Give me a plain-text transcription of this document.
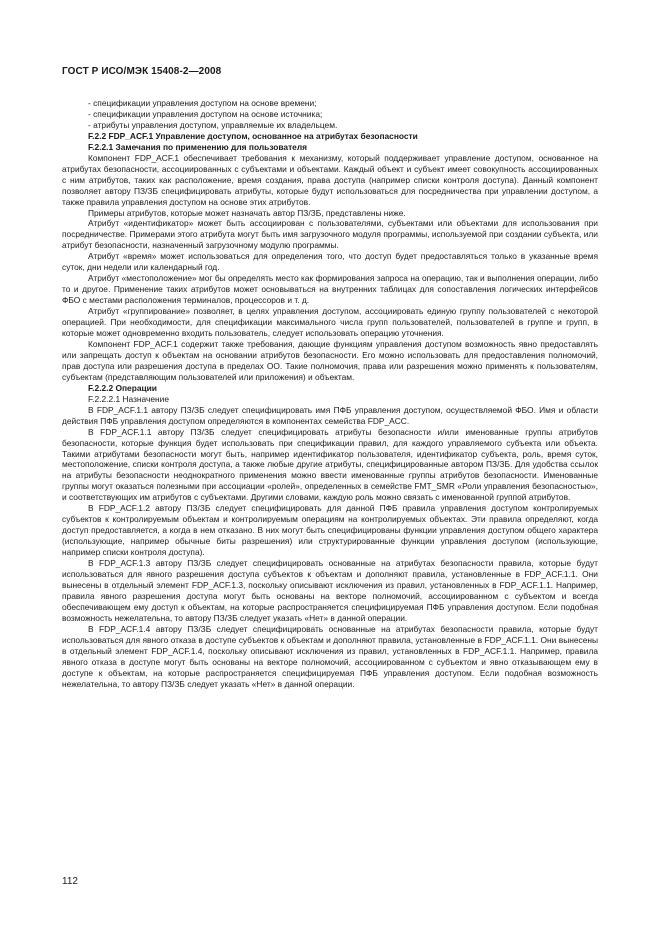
ГОСТ Р ИСО/МЭК 15408-2—2008

- спецификации управления доступом на основе времени;

- спецификации управления доступом на основе источника;

- атрибуты управления доступом, управляемые их владельцем.

F.2.2 FDP_ACF.1 Управление доступом, основанное на атрибутах безопасности

F.2.2.1 Замечания по применению для пользователя

Компонент FDP_ACF.1 обеспечивает требования к механизму, который поддерживает управление доступом, основанное на атрибутах безопасности, ассоциированных с субъектами и объектами. Каждый объект и субъект имеет совокупность ассоциированных с ним атрибутов, таких как расположение, время создания, права доступа (например списки контроля доступа). Данный компонент позволяет автору ПЗ/ЗБ специфицировать атрибуты, которые будут использоваться для посредничества при управлении доступом, а также правила управления доступом на основе этих атрибутов.

Примеры атрибутов, которые может назначать автор ПЗ/ЗБ, представлены ниже.

Атрибут «идентификатор» может быть ассоциирован с пользователями, субъектами или объектами для использования при посредничестве. Примерами этого атрибута могут быть имя загрузочного модуля программы, используемой при создании субъекта, или атрибут безопасности, назначенный загрузочному модулю программы.

Атрибут «время» может использоваться для определения того, что доступ будет предоставляться только в указанные время суток, дни недели или календарный год.

Атрибут «местоположение» мог бы определять место как формирования запроса на операцию, так и выполнения операции, либо то и другое. Применение таких атрибутов может основываться на внутренних таблицах для сопоставления логических интерфейсов ФБО с местами расположения терминалов, процессоров и т. д.

Атрибут «группирование» позволяет, в целях управления доступом, ассоциировать единую группу пользователей с некоторой операцией. При необходимости, для спецификации максимального числа групп пользователей, пользователей в группе и групп, в которые может одновременно входить пользователь, следует использовать операцию уточнения.

Компонент FDP_ACF.1 содержит также требования, дающие функциям управления доступом возможность явно предоставлять или запрещать доступ к объектам на основании атрибутов безопасности. Его можно использовать для предоставления полномочий, прав доступа или разрешения доступа в пределах ОО. Такие полномочия, права или разрешения можно применять к пользователям, субъектам (представляющим пользователей или приложения) и объектам.

F.2.2.2 Операции

F.2.2.2.1 Назначение

В FDP_ACF.1.1 автору ПЗ/ЗБ следует специфицировать имя ПФБ управления доступом, осуществляемой ФБО. Имя и области действия ПФБ управления доступом определяются в компонентах семейства FDP_ACC.

В FDP_ACF.1.1 автору ПЗ/ЗБ следует специфицировать атрибуты безопасности и/или именованные группы атрибутов безопасности, которые функция будет использовать при спецификации правил, для каждого управляемого субъекта или объекта. Такими атрибутами безопасности могут быть, например идентификатор пользователя, идентификатор субъекта, роль, время суток, местоположение, списки контроля доступа, а также любые другие атрибуты, специфицированные автором ПЗ/ЗБ. Для удобства ссылок на атрибуты безопасности неоднократного применения можно ввести именованные группы атрибутов безопасности. Именованные группы могут оказаться полезными при ассоциации «ролей», определенных в семействе FMT_SMR «Роли управления безопасностью», и соответствующих им атрибутов с субъектами. Другими словами, каждую роль можно связать с именованной группой атрибутов.

В FDP_ACF.1.2 автору ПЗ/ЗБ следует специфицировать для данной ПФБ правила управления доступом контролируемых субъектов к контролируемым объектам и контролируемым операциям на контролируемых объектах. Эти правила определяют, когда доступ предоставляется, а когда в нем отказано. В них могут быть специфицированы функции управления доступом общего характера (использующие, например обычные биты разрешения) или структурированные функции управления доступом (использующие, например списки контроля доступа).

В FDP_ACF.1.3 автору ПЗ/ЗБ следует специфицировать основанные на атрибутах безопасности правила, которые будут использоваться для явного разрешения доступа субъектов к объектам и дополняют правила, установленные в FDP_ACF.1.1. Они вынесены в отдельный элемент FDP_ACF.1.3, поскольку описывают исключения из правил, установленных в FDP_ACF.1.1. Например, правила явного разрешения доступа могут быть основаны на векторе полномочий, ассоциированном с субъектом и всегда обеспечивающем ему доступ к объектам, на которые распространяется специфицируемая ПФБ управления доступом. Если подобная возможность нежелательна, то автору ПЗ/ЗБ следует указать «Нет» в данной операции.

В FDP_ACF.1.4 автору ПЗ/ЗБ следует специфицировать основанные на атрибутах безопасности правила, которые будут использоваться для явного отказа в доступе субъектов к объектам и дополняют правила, установленные в FDP_ACF.1.1. Они вынесены в отдельный элемент FDP_ACF.1.4, поскольку описывают исключения из правил, установленных в FDP_ACF.1.1. Например, правила явного отказа в доступе могут быть основаны на векторе полномочий, ассоциированном с субъектом и явно отказывающем ему в доступе к объектам, на которые распространяется специфицируемая ПФБ управления доступом. Если подобная возможность нежелательна, то автору ПЗ/ЗБ следует указать «Нет» в данной операции.

112
